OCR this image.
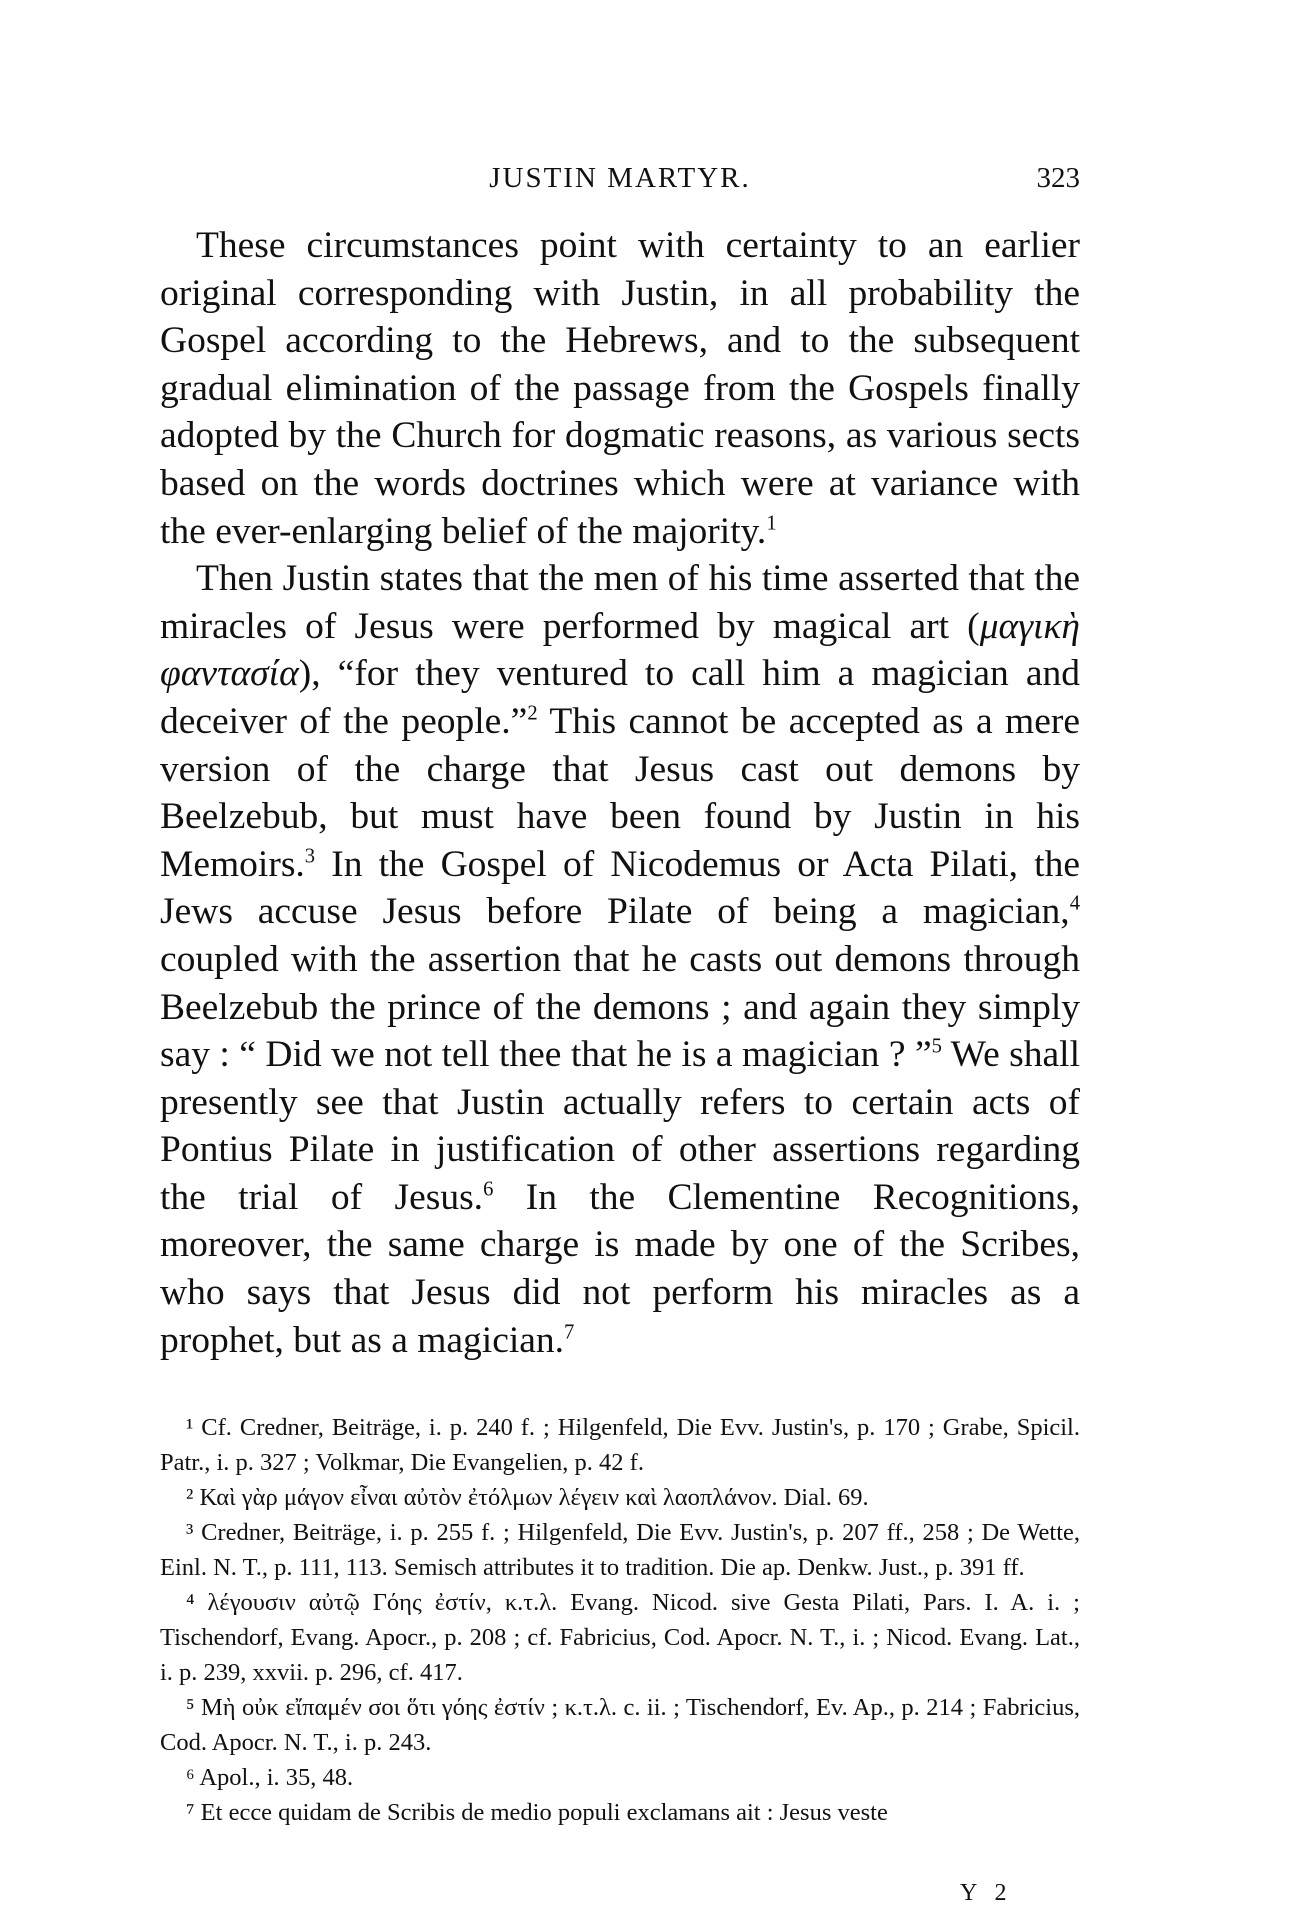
JUSTIN MARTYR.	323

These circumstances point with certainty to an earlier original corresponding with Justin, in all probability the Gospel according to the Hebrews, and to the subsequent gradual elimination of the passage from the Gospels finally adopted by the Church for dogmatic reasons, as various sects based on the words doctrines which were at variance with the ever-enlarging belief of the majority.$^1$

Then Justin states that the men of his time asserted that the miracles of Jesus were performed by magical art (μαγικὴ φαντασία), “for they ventured to call him a magician and deceiver of the people.”$^2$ This cannot be accepted as a mere version of the charge that Jesus cast out demons by Beelzebub, but must have been found by Justin in his Memoirs.$^3$ In the Gospel of Nicodemus or Acta Pilati, the Jews accuse Jesus before Pilate of being a magician,$^4$ coupled with the assertion that he casts out demons through Beelzebub the prince of the demons ; and again they simply say : “ Did we not tell thee that he is a magician ? ”$^5$ We shall presently see that Justin actually refers to certain acts of Pontius Pilate in justification of other assertions regarding the trial of Jesus.$^6$ In the Clementine Recognitions, moreover, the same charge is made by one of the Scribes, who says that Jesus did not perform his miracles as a prophet, but as a magician.$^7$

¹ Cf. Credner, Beiträge, i. p. 240 f. ; Hilgenfeld, Die Evv. Justin's, p. 170 ; Grabe, Spicil. Patr., i. p. 327 ; Volkmar, Die Evangelien, p. 42 f.

² Καὶ γὰρ μάγον εἶναι αὐτὸν ἐτόλμων λέγειν καὶ λαοπλάνον. Dial. 69.

³ Credner, Beiträge, i. p. 255 f. ; Hilgenfeld, Die Evv. Justin's, p. 207 ff., 258 ; De Wette, Einl. N. T., p. 111, 113. Semisch attributes it to tradition. Die ap. Denkw. Just., p. 391 ff.

⁴ λέγουσιν αὐτῷ Γόης ἐστίν, κ.τ.λ. Evang. Nicod. sive Gesta Pilati, Pars. I. A. i. ; Tischendorf, Evang. Apocr., p. 208 ; cf. Fabricius, Cod. Apocr. N. T., i. ; Nicod. Evang. Lat., i. p. 239, xxvii. p. 296, cf. 417.

⁵ Μὴ οὐκ εἴπαμέν σοι ὅτι γόης ἐστίν ; κ.τ.λ. c. ii. ; Tischendorf, Ev. Ap., p. 214 ; Fabricius, Cod. Apocr. N. T., i. p. 243.

⁶ Apol., i. 35, 48.

⁷ Et ecce quidam de Scribis de medio populi exclamans ait : Jesus veste

Y 2
